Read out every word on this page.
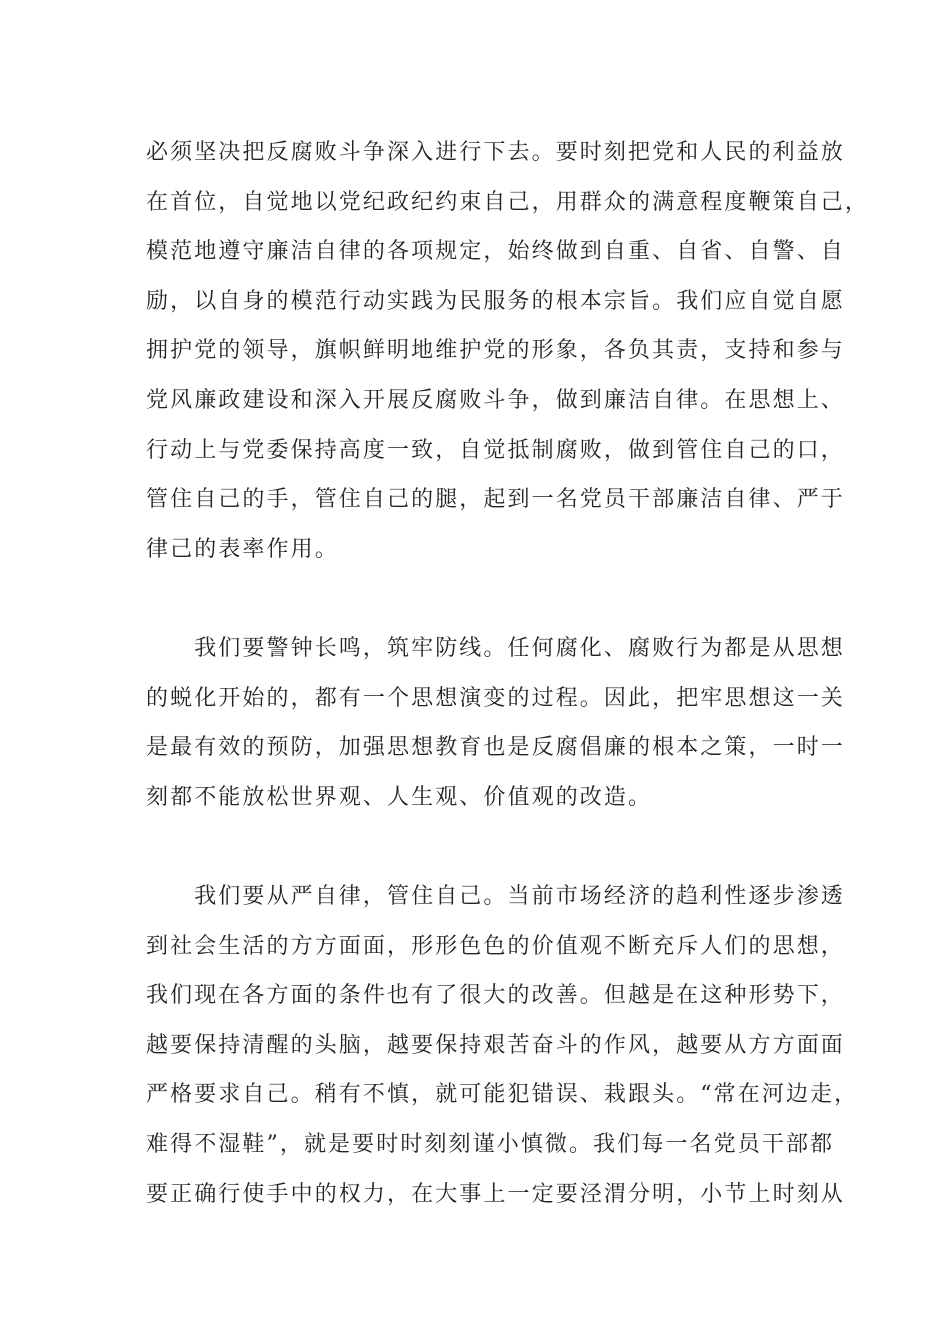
必须坚决把反腐败斗争深入进行下去。要时刻把党和人民的利益放
在首位，自觉地以党纪政纪约束自己，用群众的满意程度鞭策自己，
模范地遵守廉洁自律的各项规定，始终做到自重、自省、自警、自
励，以自身的模范行动实践为民服务的根本宗旨。我们应自觉自愿
拥护党的领导，旗帜鲜明地维护党的形象，各负其责，支持和参与
党风廉政建设和深入开展反腐败斗争，做到廉洁自律。在思想上、
行动上与党委保持高度一致，自觉抵制腐败，做到管住自己的口，
管住自己的手，管住自己的腿，起到一名党员干部廉洁自律、严于
律己的表率作用。
　　我们要警钟长鸣，筑牢防线。任何腐化、腐败行为都是从思想
的蜕化开始的，都有一个思想演变的过程。因此，把牢思想这一关
是最有效的预防，加强思想教育也是反腐倡廉的根本之策，一时一
刻都不能放松世界观、人生观、价值观的改造。
　　我们要从严自律，管住自己。当前市场经济的趋利性逐步渗透
到社会生活的方方面面，形形色色的价值观不断充斥人们的思想，
我们现在各方面的条件也有了很大的改善。但越是在这种形势下，
越要保持清醒的头脑，越要保持艰苦奋斗的作风，越要从方方面面
严格要求自己。稍有不慎，就可能犯错误、栽跟头。“常在河边走，
难得不湿鞋”，就是要时时刻刻谨小慎微。我们每一名党员干部都
要正确行使手中的权力，在大事上一定要泾渭分明，小节上时刻从
